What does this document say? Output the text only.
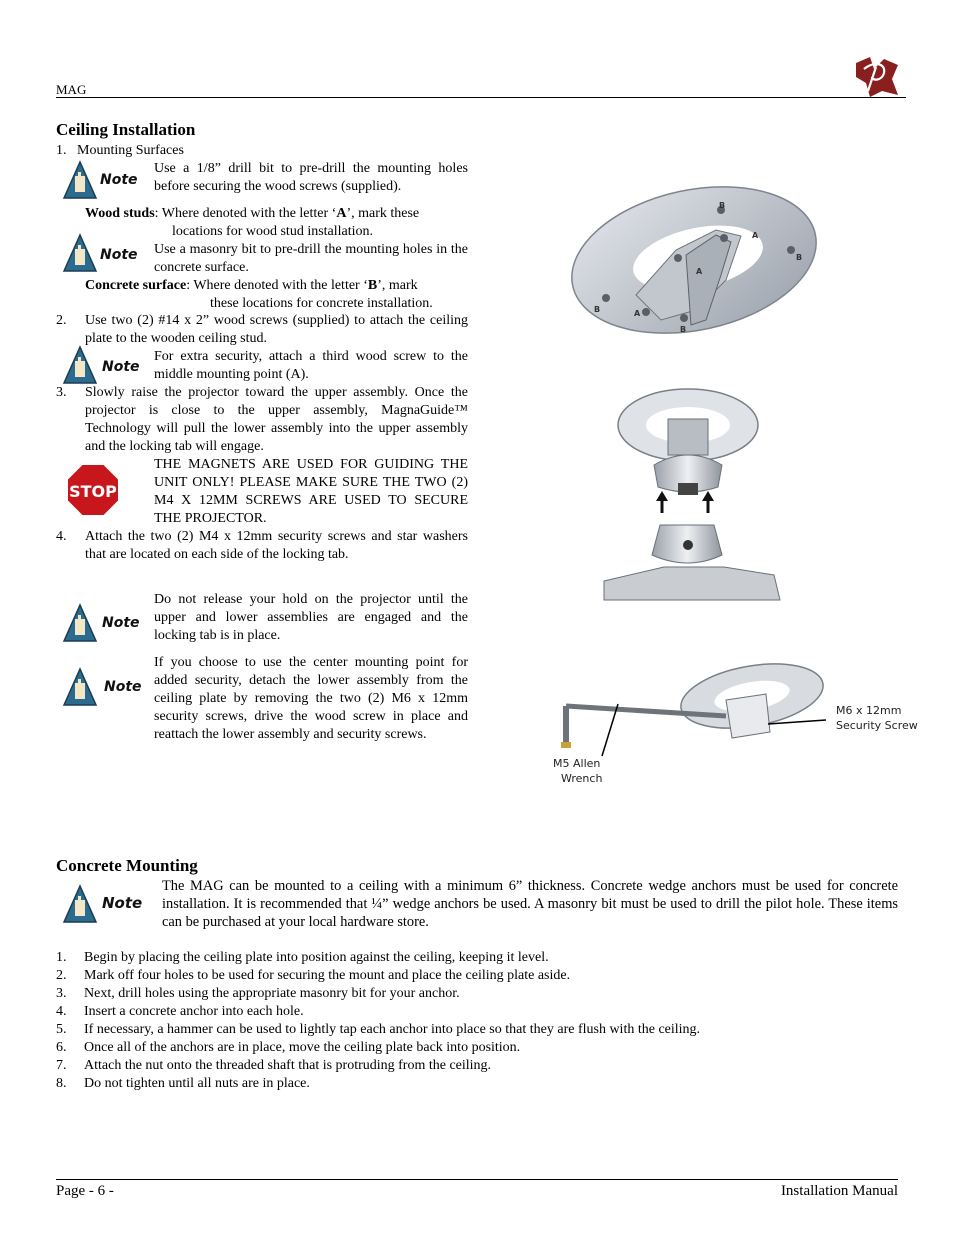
MAG
Ceiling Installation
1.   Mounting Surfaces
Note
Use a 1/8” drill bit to pre-drill the mounting holes before securing the wood screws (supplied).
Wood studs: Where denoted with the letter ‘A’, mark these
locations for wood stud installation.
Note Use a masonry bit to pre-drill the mounting holes in the concrete surface.
Concrete surface: Where denoted with the letter ‘B’, mark
these locations for concrete installation.
2. Use two (2) #14 x 2” wood screws (supplied) to attach the ceiling plate to the wooden ceiling stud.
Note
For extra security, attach a third wood screw to the middle mounting point (A).
3. Slowly raise the projector toward the upper assembly. Once the projector is close to the upper assembly, MagnaGuide™ Technology will pull the lower assembly into the upper assembly and the locking tab will engage.
STOP
THE MAGNETS ARE USED FOR GUIDING THE UNIT ONLY! PLEASE MAKE SURE THE TWO (2) M4 X 12MM SCREWS ARE USED TO SECURE THE PROJECTOR.
4. Attach the two (2) M4 x 12mm security screws and star washers that are located on each side of the locking tab.
Note
Do not release your hold on the projector until the upper and lower assemblies are engaged and the locking tab is in place.
Note
If you choose to use the center mounting point for added security, detach the lower assembly from the ceiling plate by removing the two (2) M6 x 12mm security screws, drive the wood screw in place and reattach the lower assembly and security screws.
B
A
B
A
B	A
B
M6 x 12mm
Security Screw
M5 Allen
Wrench
Concrete Mounting
Note
The MAG can be mounted to a ceiling with a minimum 6” thickness. Concrete wedge anchors must be used for concrete installation. It is recommended that ¼” wedge anchors be used. A masonry bit must be used to drill the pilot hole. These items can be purchased at your local hardware store.
1. Begin by placing the ceiling plate into position against the ceiling, keeping it level.
2. Mark off four holes to be used for securing the mount and place the ceiling plate aside.
3. Next, drill holes using the appropriate masonry bit for your anchor.
4. Insert a concrete anchor into each hole.
5. If necessary, a hammer can be used to lightly tap each anchor into place so that they are flush with the ceiling.
6. Once all of the anchors are in place, move the ceiling plate back into position.
7. Attach the nut onto the threaded shaft that is protruding from the ceiling.
8. Do not tighten until all nuts are in place.
Page - 6 -	Installation Manual
